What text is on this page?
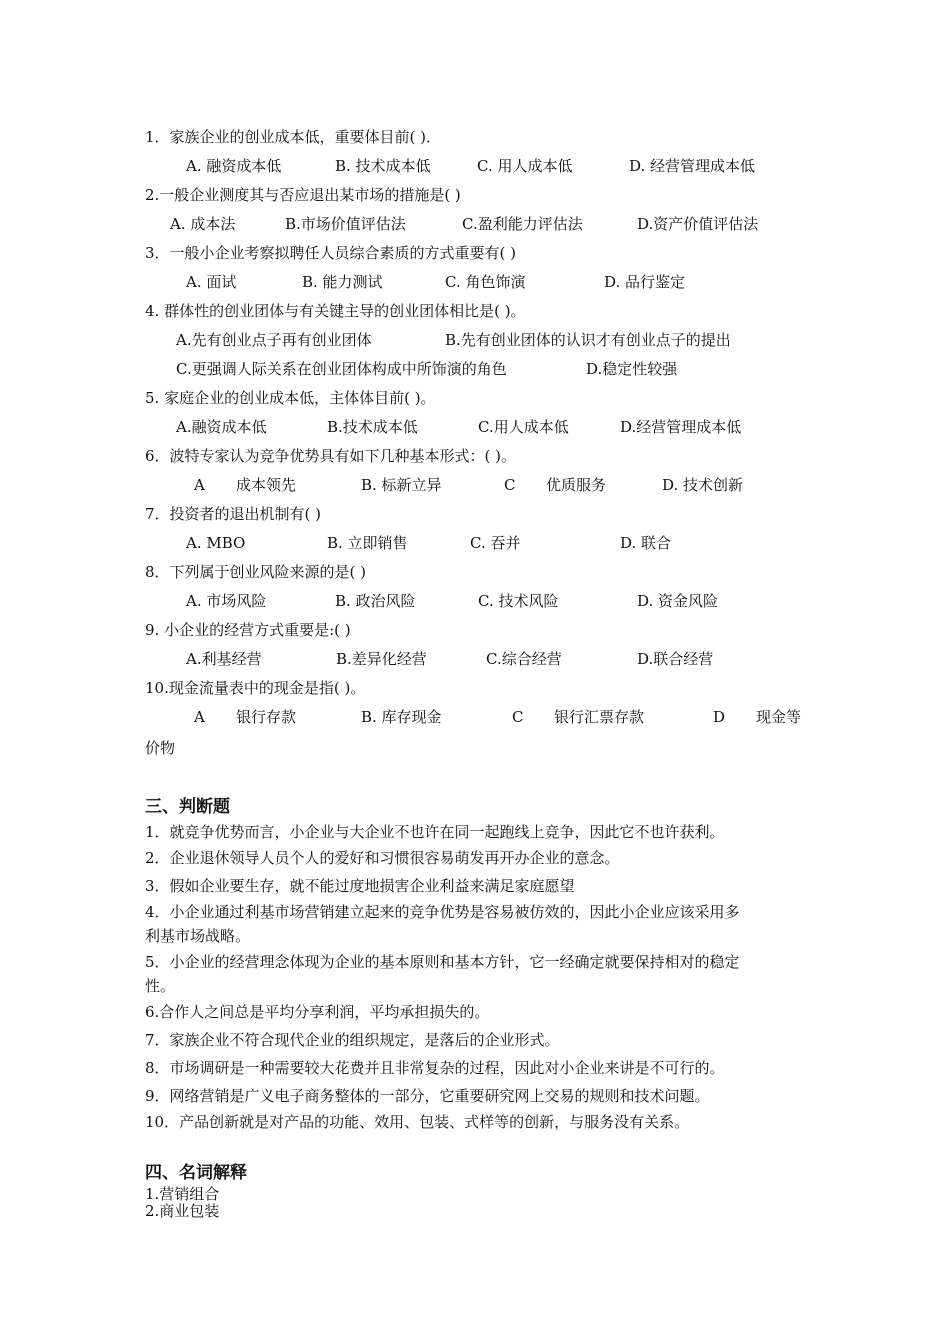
1．家族企业的创业成本低，重要体目前( )．
A. 融资成本低	B. 技术成本低	C. 用人成本低	D. 经营管理成本低
2.一般企业测度其与否应退出某市场的措施是( )
A. 成本法	B.市场价值评估法	C.盈利能力评估法	D.资产价值评估法
3．一般小企业考察拟聘任人员综合素质的方式重要有( )
A. 面试	B. 能力测试	C. 角色饰演	D. 品行鉴定
4. 群体性的创业团体与有关键主导的创业团体相比是( )。
A.先有创业点子再有创业团体	B.先有创业团体的认识才有创业点子的提出
C.更强调人际关系在创业团体构成中所饰演的角色	D.稳定性较强
5. 家庭企业的创业成本低，主体体目前( )。
A.融资成本低	B.技术成本低	C.用人成本低	D.经营管理成本低
6．波特专家认为竞争优势具有如下几种基本形式：( )。
A 成本领先	B. 标新立异	C 优质服务	D. 技术创新
7．投资者的退出机制有( )
A. MBO	B. 立即销售	C. 吞并	D. 联合
8．下列属于创业风险来源的是( )
A. 市场风险	B. 政治风险	C. 技术风险	D. 资金风险
9. 小企业的经营方式重要是:( )
A.利基经营	B.差异化经营	C.综合经营	D.联合经营
10.现金流量表中的现金是指( )。
A 银行存款	B. 库存现金	C 银行汇票存款	D 现金等
价物
三、判断题
1．就竞争优势而言，小企业与大企业不也许在同一起跑线上竞争，因此它不也许获利。
2．企业退休领导人员个人的爱好和习惯很容易萌发再开办企业的意念。
3．假如企业要生存，就不能过度地损害企业利益来满足家庭愿望
4．小企业通过利基市场营销建立起来的竞争优势是容易被仿效的，因此小企业应该采用多
利基市场战略。
5．小企业的经营理念体现为企业的基本原则和基本方针，它一经确定就要保持相对的稳定
性。
6.合作人之间总是平均分享利润，平均承担损失的。
7．家族企业不符合现代企业的组织规定，是落后的企业形式。
8．市场调研是一种需要较大花费并且非常复杂的过程，因此对小企业来讲是不可行的。
9．网络营销是广义电子商务整体的一部分，它重要研究网上交易的规则和技术问题。
10．产品创新就是对产品的功能、效用、包装、式样等的创新，与服务没有关系。
四、名词解释
1.营销组合
2.商业包装
